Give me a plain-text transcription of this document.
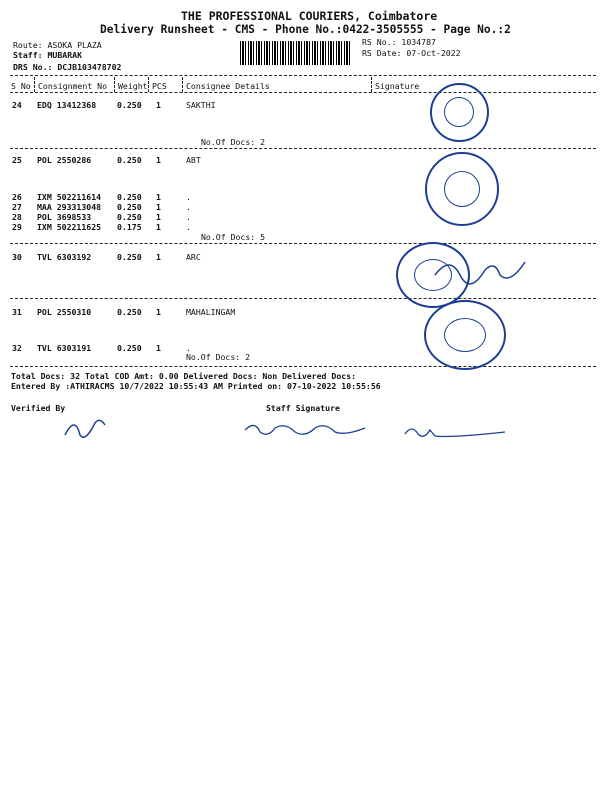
THE PROFESSIONAL COURIERS, Coimbatore
Delivery Runsheet - CMS - Phone No.:0422-3505555 - Page No.:2
Route: ASOKA PLAZA
Staff: MUBARAK
DRS No.: DCJB103478702
RS No.: 1034787
RS Date: 07-Oct-2022
S No Consignment No Weight PCS Consignee Details	Signature
24 EDQ 13412368	0.250 1	SAKTHI
No.Of Docs: 2
25 POL 2550286	0.250 1	ABT
26 IXM 502211614 0.250 1	.
27 MAA 293313048 0.250 1	.
28 POL 3698533	0.250 1	.
29 IXM 502211625 0.175 1	.
No.Of Docs: 5
30 TVL 6303192	0.250 1	ARC
31 POL 2550310	0.250 1	MAHALINGAM
32 TVL 6303191	0.250 1	.
No.Of Docs: 2
Total Docs: 32 Total COD Amt: 0.00 Delivered Docs: Non Delivered Docs:
Entered By :ATHIRACMS 10/7/2022 10:55:43 AM Printed on: 07-10-2022 10:55:56
Verified By	Staff Signature
